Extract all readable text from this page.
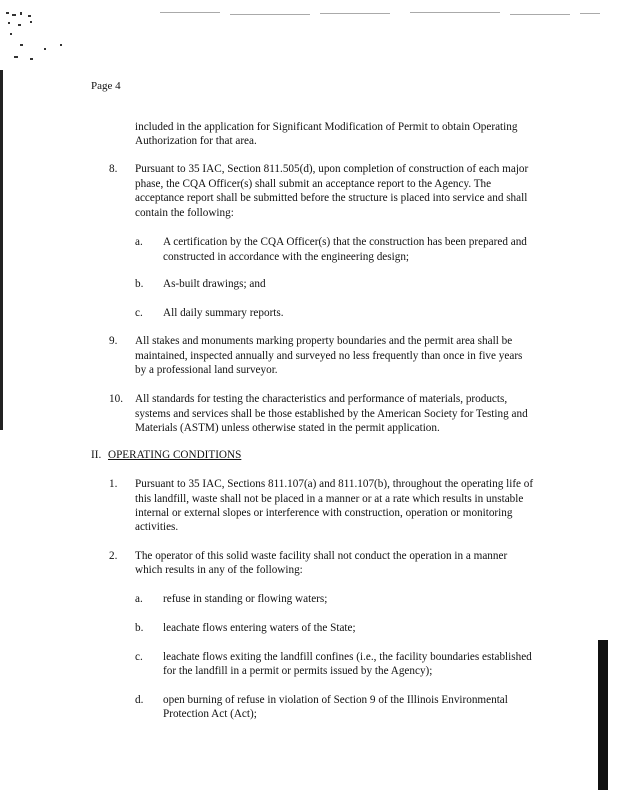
Page 4
included in the application for Significant Modification of Permit to obtain Operating
Authorization for that area.
8. Pursuant to 35 IAC, Section 811.505(d), upon completion of construction of each major
phase, the CQA Officer(s) shall submit an acceptance report to the Agency. The
acceptance report shall be submitted before the structure is placed into service and shall
contain the following:
a. A certification by the CQA Officer(s) that the construction has been prepared and
constructed in accordance with the engineering design;
b. As-built drawings; and
c. All daily summary reports.
9. All stakes and monuments marking property boundaries and the permit area shall be
maintained, inspected annually and surveyed no less frequently than once in five years
by a professional land surveyor.
10. All standards for testing the characteristics and performance of materials, products,
systems and services shall be those established by the American Society for Testing and
Materials (ASTM) unless otherwise stated in the permit application.
II. OPERATING CONDITIONS
1. Pursuant to 35 IAC, Sections 811.107(a) and 811.107(b), throughout the operating life of
this landfill, waste shall not be placed in a manner or at a rate which results in unstable
internal or external slopes or interference with construction, operation or monitoring
activities.
2. The operator of this solid waste facility shall not conduct the operation in a manner
which results in any of the following:
a. refuse in standing or flowing waters;
b. leachate flows entering waters of the State;
c. leachate flows exiting the landfill confines (i.e., the facility boundaries established
for the landfill in a permit or permits issued by the Agency);
d. open burning of refuse in violation of Section 9 of the Illinois Environmental
Protection Act (Act);
